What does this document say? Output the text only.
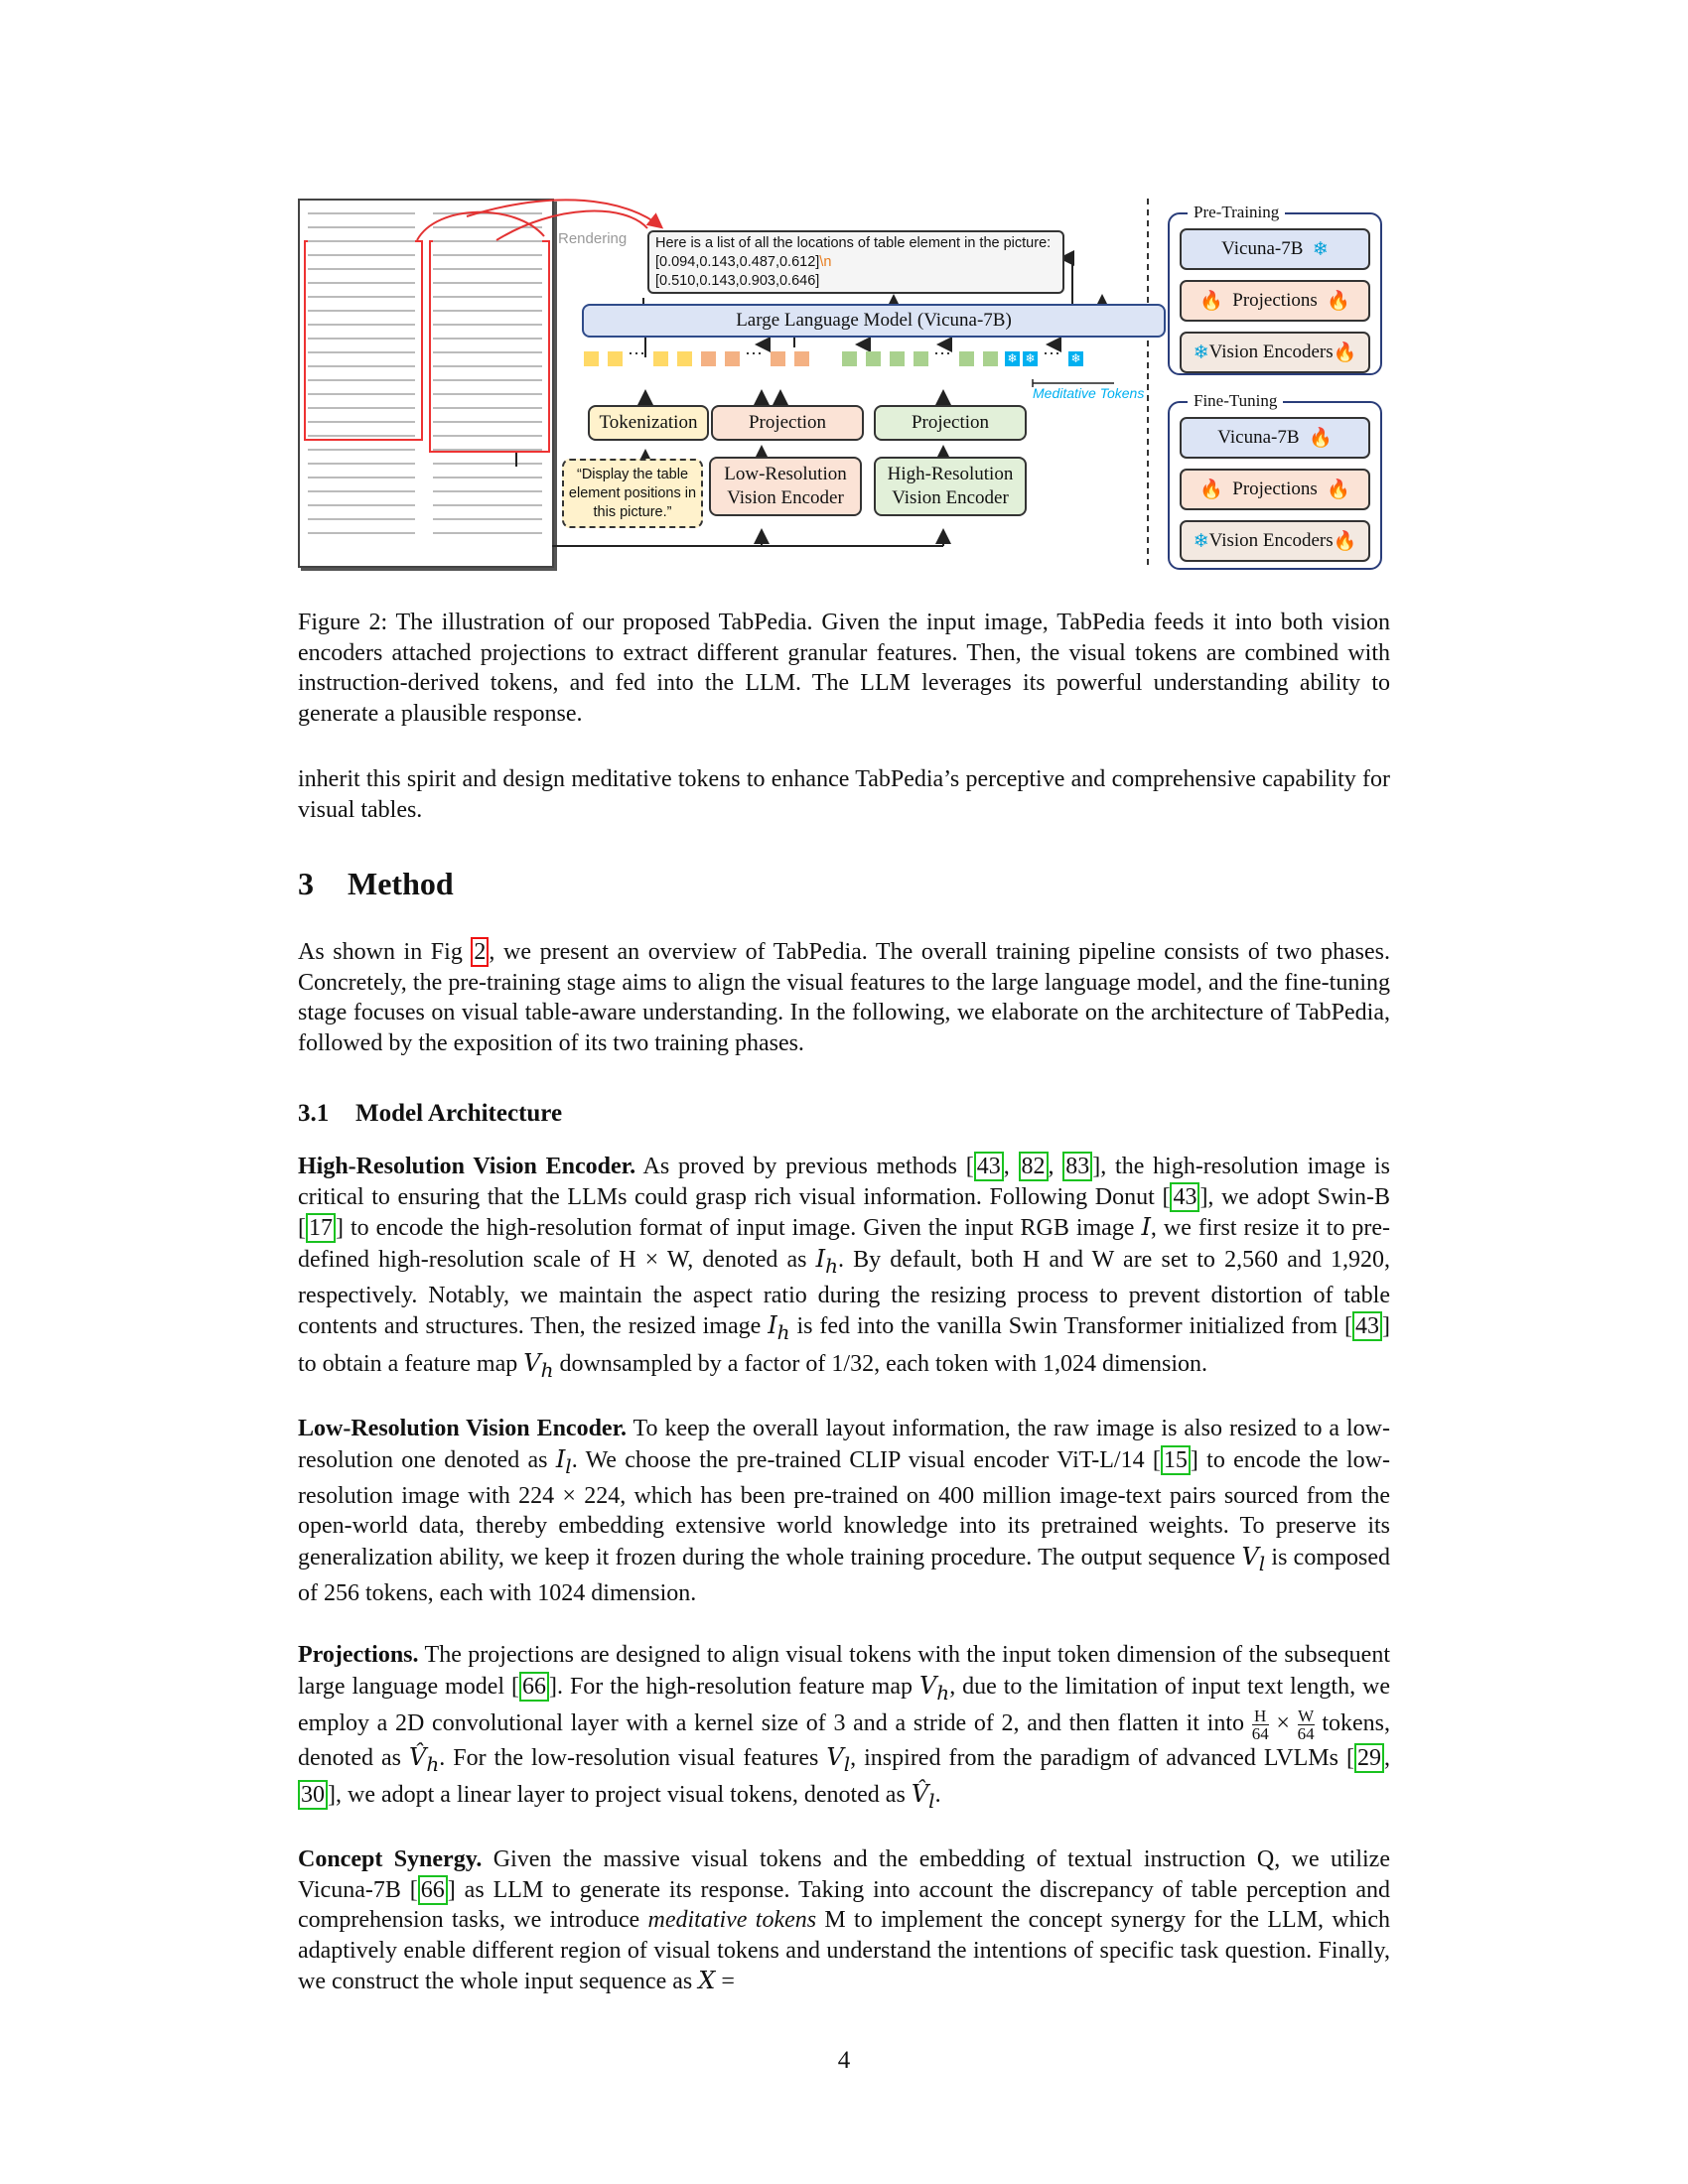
Rendering Here is a list of all the locations of table element in the picture:
[0.094,0.143,0.487,0.612]\n
[0.510,0.143,0.903,0.646]
Large Language Model (Vicuna-7B)
···	···	···	❄ ❄ ··· ❄
Meditative Tokens
Tokenization	Projection	Projection
“Display the table element positions in this picture.”
Low-Resolution
Vision Encoder
High-Resolution
Vision Encoder
Pre-Training
Vicuna-7B
❄
🔥
Projections
🔥
❄ Vision Encoders 🔥
Fine-Tuning
Vicuna-7B
🔥
🔥
Projections
🔥
❄ Vision Encoders 🔥
Figure 2: The illustration of our proposed TabPedia. Given the input image, TabPedia feeds it into both vision encoders attached projections to extract different granular features. Then, the visual tokens are combined with instruction-derived tokens, and fed into the LLM. The LLM leverages its powerful understanding ability to generate a plausible response.

inherit this spirit and design meditative tokens to enhance TabPedia’s perceptive and comprehensive capability for visual tables.

3 Method

As shown in Fig 2 , we present an overview of TabPedia. The overall training pipeline consists of two phases. Concretely, the pre-training stage aims to align the visual features to the large language model, and the fine-tuning stage focuses on visual table-aware understanding. In the following, we elaborate on the architecture of TabPedia, followed by the exposition of its two training phases.

3.1 Model Architecture

High-Resolution Vision Encoder. As proved by previous methods [ 43 , 82 , 83 ], the high-resolution image is critical to ensuring that the LLMs could grasp rich visual information. Following Donut [ 43 ], we adopt Swin-B [ 17 ] to encode the high-resolution format of input image. Given the input RGB image I, we first resize it to pre-defined high-resolution scale of H × W, denoted as $I_h$. By default, both H and W are set to 2,560 and 1,920, respectively. Notably, we maintain the aspect ratio during the resizing process to prevent distortion of table contents and structures. Then, the resized image $I_h$ is fed into the vanilla Swin Transformer initialized from [ 43 ] to obtain a feature map $V_h$ downsampled by a factor of 1/32, each token with 1,024 dimension.

Low-Resolution Vision Encoder. To keep the overall layout information, the raw image is also resized to a low-resolution one denoted as $I_l$. We choose the pre-trained CLIP visual encoder ViT-L/14 [ 15 ] to encode the low-resolution image with 224 × 224, which has been pre-trained on 400 million image-text pairs sourced from the open-world data, thereby embedding extensive world knowledge into its pretrained weights. To preserve its generalization ability, we keep it frozen during the whole training procedure. The output sequence $V_l$ is composed of 256 tokens, each with 1024 dimension.

Projections. The projections are designed to align visual tokens with the input token dimension of the subsequent large language model [ 66 ]. For the high-resolution feature map $V_h$, due to the limitation of input text length, we employ a 2D convolutional layer with a kernel size of 3 and a stride of 2, and then flatten it into $\frac{H}{64} \times \frac{W}{64}$ tokens, denoted as $V̂_h$. For the low-resolution visual features $V_l$, inspired from the paradigm of advanced LVLMs [ 29 , 30 ], we adopt a linear layer to project visual tokens, denoted as $V̂_l$.

Concept Synergy. Given the massive visual tokens and the embedding of textual instruction Q, we utilize Vicuna-7B [ 66 ] as LLM to generate its response. Taking into account the discrepancy of table perception and comprehension tasks, we introduce meditative tokens M to implement the concept synergy for the LLM, which adaptively enable different region of visual tokens and understand the intentions of specific task question. Finally, we construct the whole input sequence as X =

4
